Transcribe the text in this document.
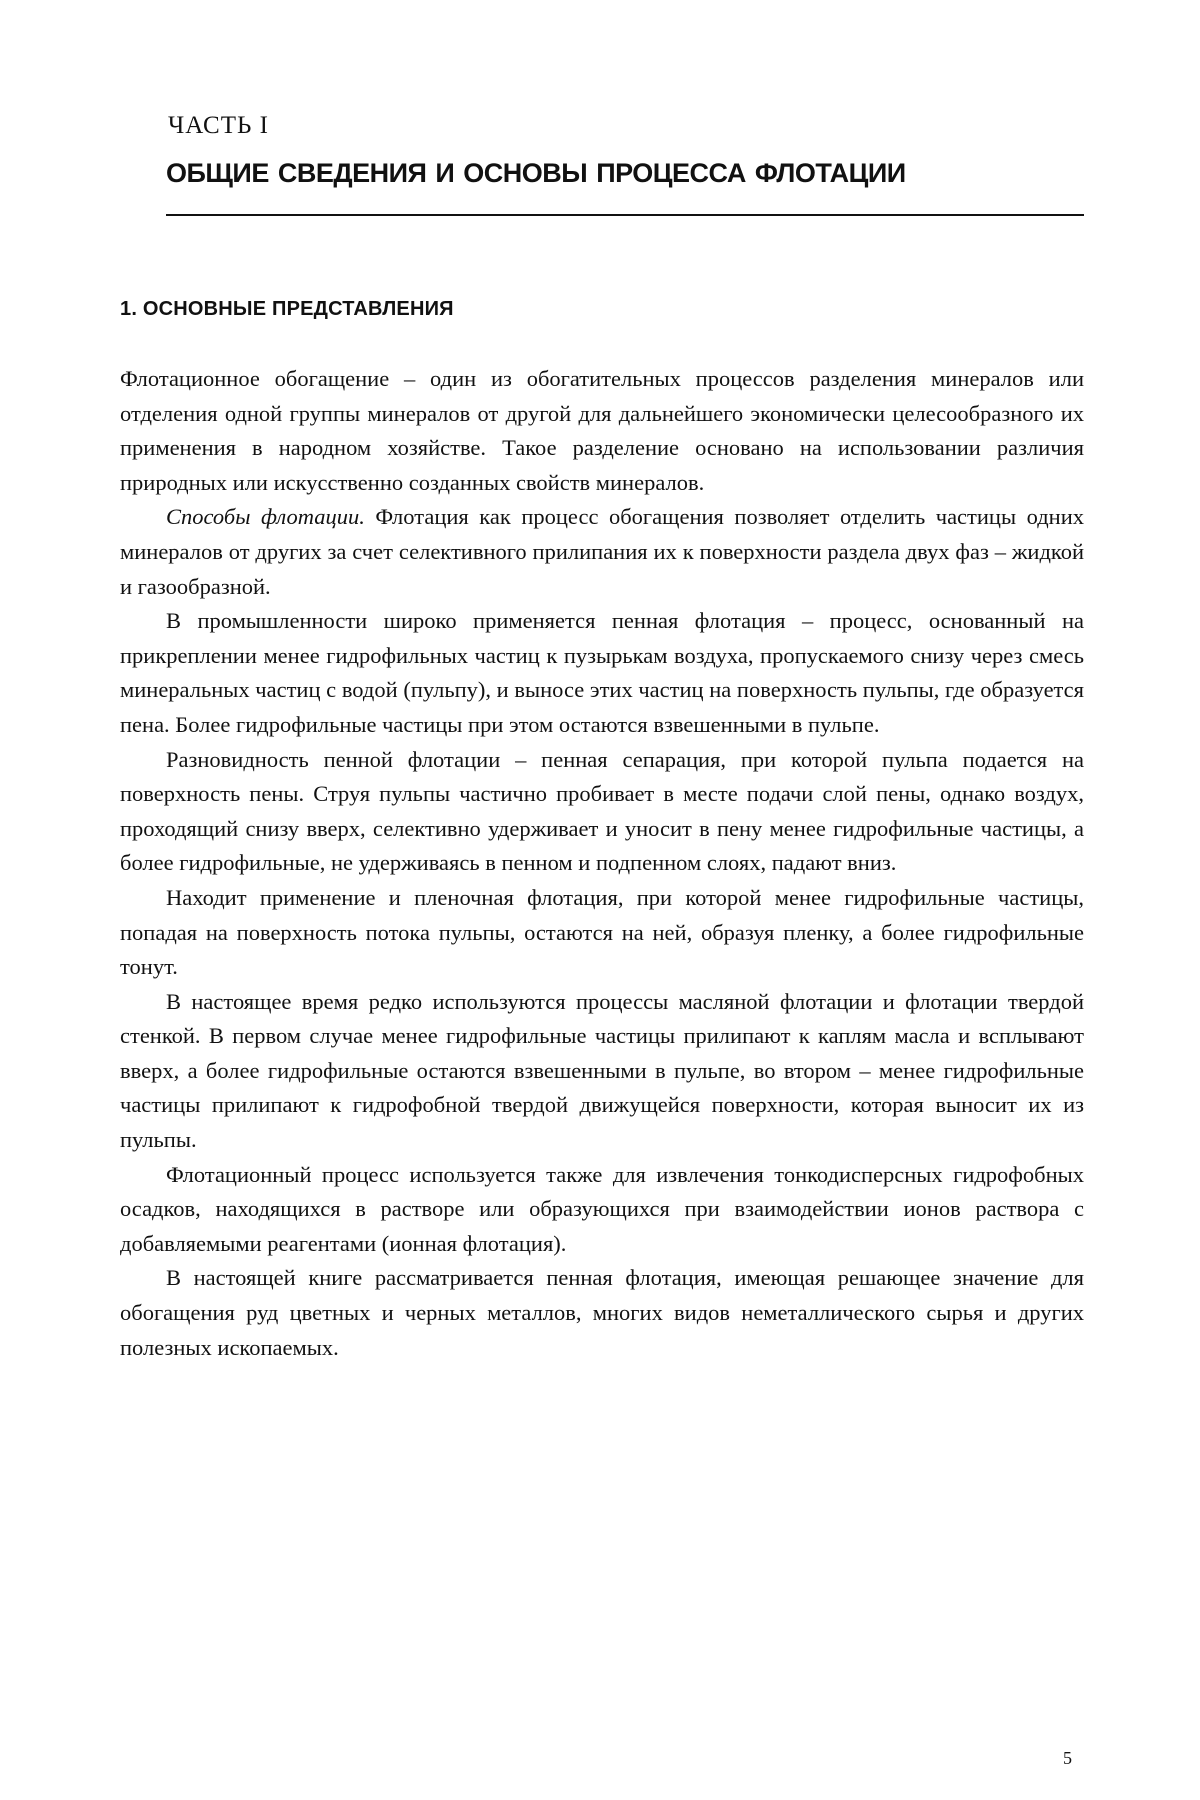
ЧАСТЬ I
ОБЩИЕ СВЕДЕНИЯ И ОСНОВЫ ПРОЦЕССА ФЛОТАЦИИ
1. ОСНОВНЫЕ ПРЕДСТАВЛЕНИЯ

Флотационное обогащение – один из обогатительных процессов разделения минералов или отделения одной группы минералов от другой для дальнейшего экономически целесообразного их применения в народном хозяйстве. Такое разделение основано на использовании различия природных или искусственно созданных свойств минералов.

Способы флотации. Флотация как процесс обогащения позволяет отделить частицы одних минералов от других за счет селективного прилипания их к поверхности раздела двух фаз – жидкой и газообразной.

В промышленности широко применяется пенная флотация – процесс, основанный на прикреплении менее гидрофильных частиц к пузырькам воздуха, пропускаемого снизу через смесь минеральных частиц с водой (пульпу), и выносе этих частиц на поверхность пульпы, где образуется пена. Более гидрофильные частицы при этом остаются взвешенными в пульпе.

Разновидность пенной флотации – пенная сепарация, при которой пульпа подается на поверхность пены. Струя пульпы частично пробивает в месте подачи слой пены, однако воздух, проходящий снизу вверх, селективно удерживает и уносит в пену менее гидрофильные частицы, а более гидрофильные, не удерживаясь в пенном и подпенном слоях, падают вниз.

Находит применение и пленочная флотация, при которой менее гидрофильные частицы, попадая на поверхность потока пульпы, остаются на ней, образуя пленку, а более гидрофильные тонут.

В настоящее время редко используются процессы масляной флотации и флотации твердой стенкой. В первом случае менее гидрофильные частицы прилипают к каплям масла и всплывают вверх, а более гидрофильные остаются взвешенными в пульпе, во втором – менее гидрофильные частицы прилипают к гидрофобной твердой движущейся поверхности, которая выносит их из пульпы.

Флотационный процесс используется также для извлечения тонкодисперсных гидрофобных осадков, находящихся в растворе или образующихся при взаимодействии ионов раствора с добавляемыми реагентами (ионная флотация).

В настоящей книге рассматривается пенная флотация, имеющая решающее значение для обогащения руд цветных и черных металлов, многих видов неметаллического сырья и других полезных ископаемых.

5
